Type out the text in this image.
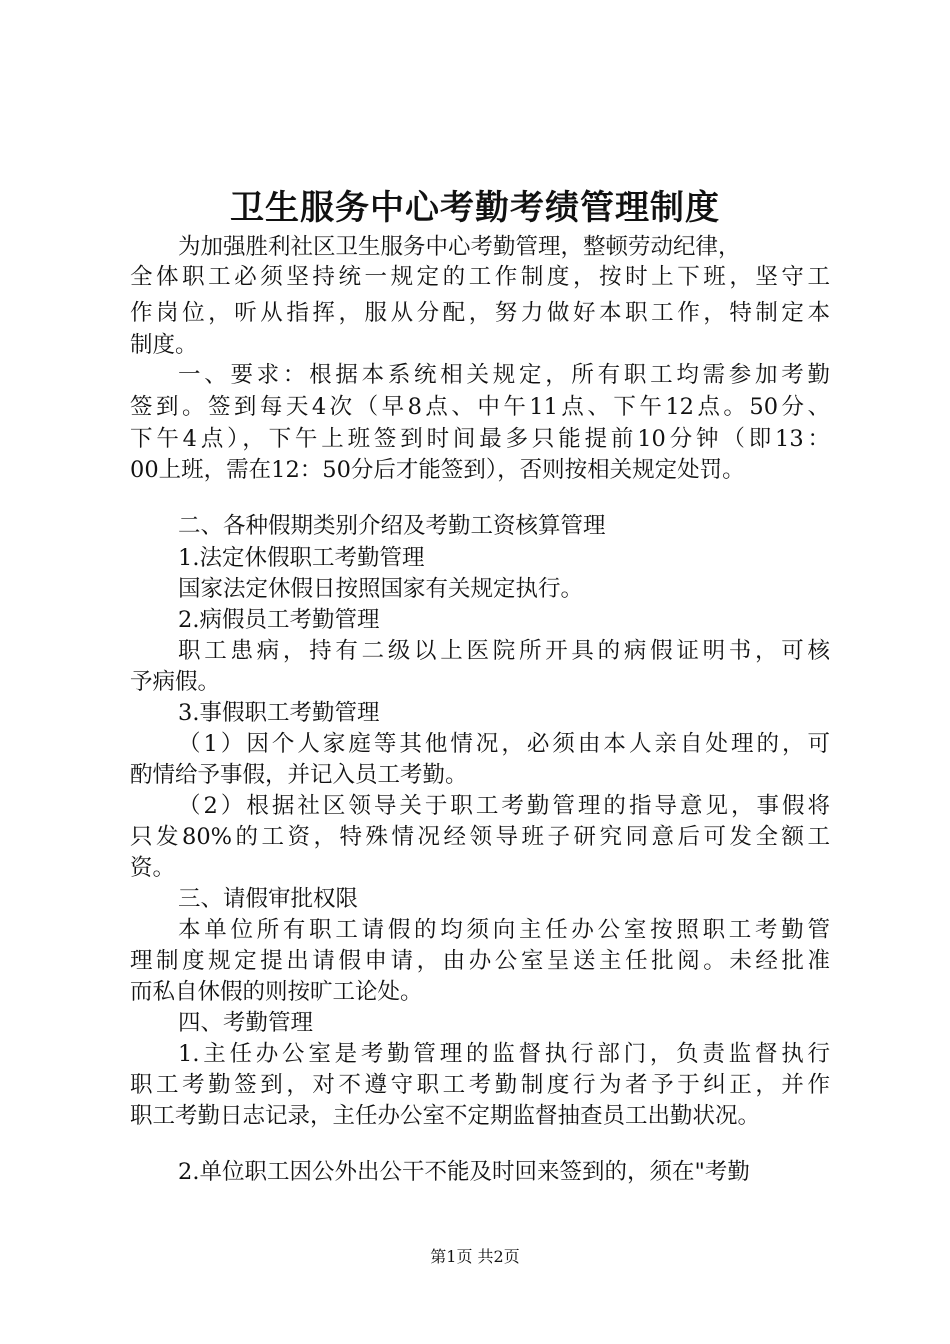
卫生服务中心考勤考绩管理制度
为加强胜利社区卫生服务中心考勤管理，整顿劳动纪律，
全体职工必须坚持统一规定的工作制度，按时上下班，坚守工
作岗位，听从指挥，服从分配，努力做好本职工作，特制定本
制度。
一、要求：根据本系统相关规定，所有职工均需参加考勤
签到。签到每天4次（早8点、中午11点、下午12点。50分、
下午4点），下午上班签到时间最多只能提前10分钟（即13：
00上班，需在12：50分后才能签到），否则按相关规定处罚。
二、各种假期类别介绍及考勤工资核算管理
1.法定休假职工考勤管理
国家法定休假日按照国家有关规定执行。
2.病假员工考勤管理
职工患病，持有二级以上医院所开具的病假证明书，可核
予病假。
3.事假职工考勤管理
（1）因个人家庭等其他情况，必须由本人亲自处理的，可
酌情给予事假，并记入员工考勤。
（2）根据社区领导关于职工考勤管理的指导意见，事假将
只发80%的工资，特殊情况经领导班子研究同意后可发全额工
资。
三、请假审批权限
本单位所有职工请假的均须向主任办公室按照职工考勤管
理制度规定提出请假申请，由办公室呈送主任批阅。未经批准
而私自休假的则按旷工论处。
四、考勤管理
1.主任办公室是考勤管理的监督执行部门，负责监督执行
职工考勤签到，对不遵守职工考勤制度行为者予于纠正，并作
职工考勤日志记录，主任办公室不定期监督抽查员工出勤状况。
2.单位职工因公外出公干不能及时回来签到的，须在"考勤
第1页 共2页
